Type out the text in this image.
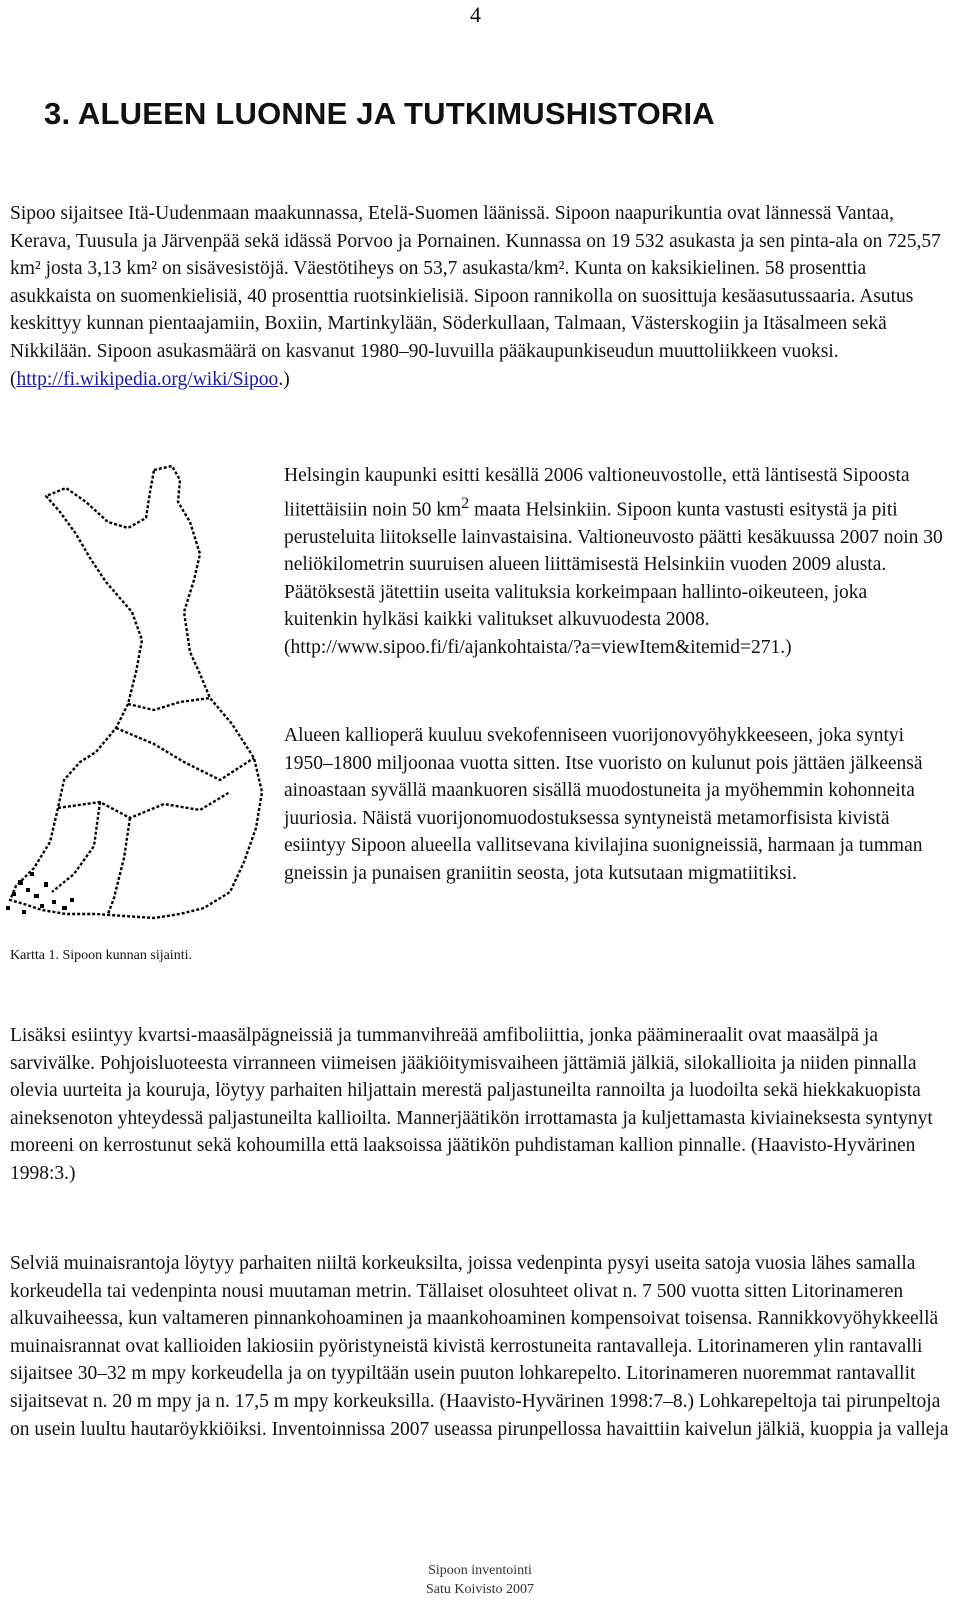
4
3. ALUEEN LUONNE JA TUTKIMUSHISTORIA

Sipoo sijaitsee Itä-Uudenmaan maakunnassa, Etelä-Suomen läänissä. Sipoon naapurikuntia ovat lännessä Vantaa, Kerava, Tuusula ja Järvenpää sekä idässä Porvoo ja Pornainen. Kunnassa on 19 532 asukasta ja sen pinta-ala on 725,57 km² josta 3,13 km² on sisävesistöjä. Väestötiheys on 53,7 asukasta/km². Kunta on kaksikielinen. 58 prosenttia asukkaista on suomenkielisiä, 40 prosenttia ruotsinkielisiä. Sipoon rannikolla on suosittuja kesäasutussaaria. Asutus keskittyy kunnan pientaajamiin, Boxiin, Martinkylään, Söderkullaan, Talmaan, Västerskogiin ja Itäsalmeen sekä Nikkilään. Sipoon asukasmäärä on kasvanut 1980–90-luvuilla pääkaupunkiseudun muuttoliikkeen vuoksi. (http://fi.wikipedia.org/wiki/Sipoo.)

Kartta 1. Sipoon kunnan sijainti.

Helsingin kaupunki esitti kesällä 2006 valtioneuvostolle, että läntisestä Sipoosta liitettäisiin noin 50 $km^2$ maata Helsinkiin. Sipoon kunta vastusti esitystä ja piti perusteluita liitokselle lainvastaisina. Valtioneuvosto päätti kesäkuussa 2007 noin 30 neliökilometrin suuruisen alueen liittämisestä Helsinkiin vuoden 2009 alusta. Päätöksestä jätettiin useita valituksia korkeimpaan hallinto-oikeuteen, joka kuitenkin hylkäsi kaikki valitukset alkuvuodesta 2008. (http://www.sipoo.fi/fi/ajankohtaista/?a=viewItem&itemid=271.)

Alueen kallioperä kuuluu svekofenniseen vuorijonovyöhykkeeseen, joka syntyi 1950–1800 miljoonaa vuotta sitten. Itse vuoristo on kulunut pois jättäen jälkeensä ainoastaan syvällä maankuoren sisällä muodostuneita ja myöhemmin kohonneita juuriosia. Näistä vuorijonomuodostuksessa syntyneistä metamorfisista kivistä esiintyy Sipoon alueella vallitsevana kivilajina suonigneissiä, harmaan ja tumman gneissin ja punaisen graniitin seosta, jota kutsutaan migmatiitiksi.

Lisäksi esiintyy kvartsi-maasälpägneissiä ja tummanvihreää amfiboliittia, jonka päämineraalit ovat maasälpä ja sarvivälke. Pohjoisluoteesta virranneen viimeisen jääkiöitymisvaiheen jättämiä jälkiä, silokallioita ja niiden pinnalla olevia uurteita ja kouruja, löytyy parhaiten hiljattain merestä paljastuneilta rannoilta ja luodoilta sekä hiekkakuopista aineksenoton yhteydessä paljastuneilta kallioilta. Mannerjäätikön irrottamasta ja kuljettamasta kiviaineksesta syntynyt moreeni on kerrostunut sekä kohoumilla että laaksoissa jäätikön puhdistaman kallion pinnalle. (Haavisto-Hyvärinen 1998:3.)

Selviä muinaisrantoja löytyy parhaiten niiltä korkeuksilta, joissa vedenpinta pysyi useita satoja vuosia lähes samalla korkeudella tai vedenpinta nousi muutaman metrin. Tällaiset olosuhteet olivat n. 7 500 vuotta sitten Litorinameren alkuvaiheessa, kun valtameren pinnankohoaminen ja maankohoaminen kompensoivat toisensa. Rannikkovyöhykkeellä muinaisrannat ovat kallioiden lakiosiin pyöristyneistä kivistä kerrostuneita rantavalleja. Litorinameren ylin rantavalli sijaitsee 30–32 m mpy korkeudella ja on tyypiltään usein puuton lohkarepelto. Litorinameren nuoremmat rantavallit sijaitsevat n. 20 m mpy ja n. 17,5 m mpy korkeuksilla. (Haavisto-Hyvärinen 1998:7–8.) Lohkarepeltoja tai pirunpeltoja on usein luultu hautaröykkiöiksi. Inventoinnissa 2007 useassa pirunpellossa havaittiin kaivelun jälkiä, kuoppia ja valleja

Sipoon inventointi
Satu Koivisto 2007
